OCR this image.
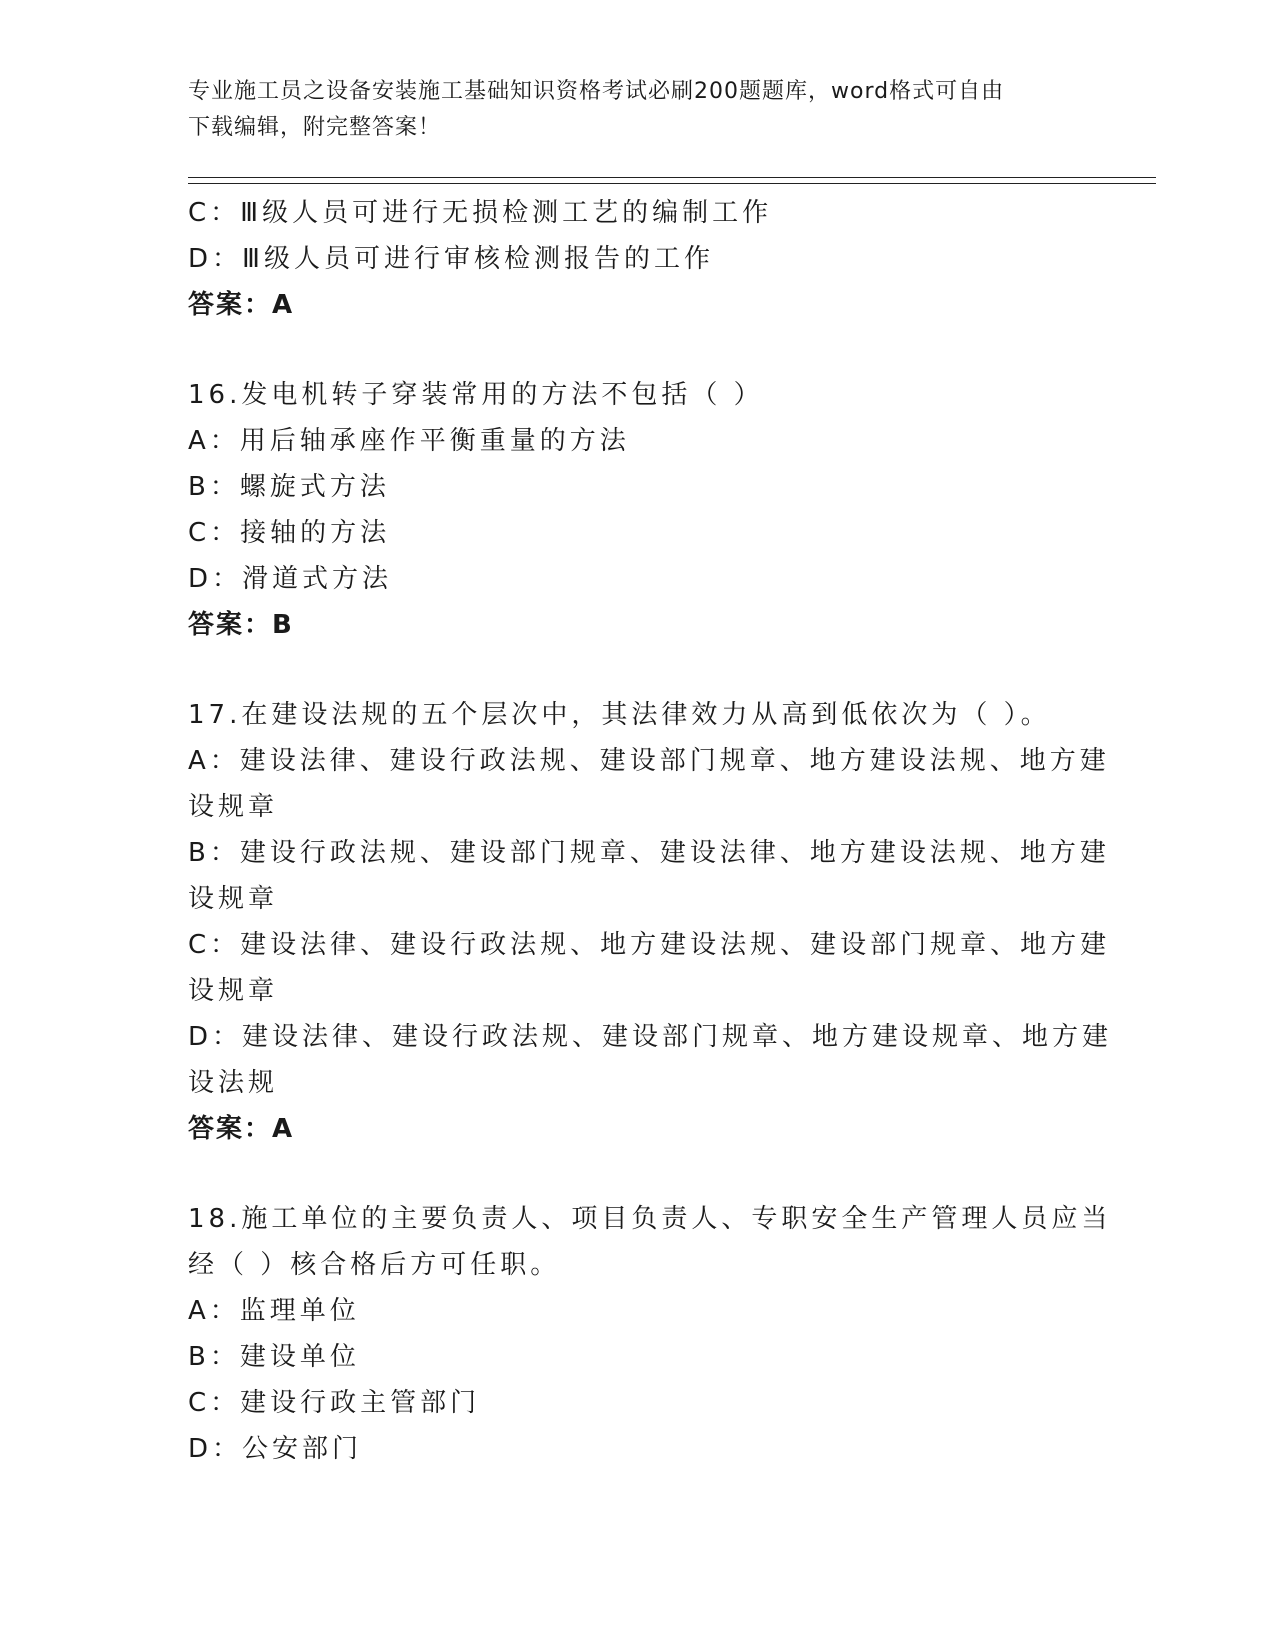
专业施工员之设备安装施工基础知识资格考试必刷200题题库，word格式可自由
下载编辑，附完整答案！
C：Ⅲ级人员可进行无损检测工艺的编制工作
D：Ⅲ级人员可进行审核检测报告的工作
答案：A
16.发电机转子穿装常用的方法不包括（ ）
A：用后轴承座作平衡重量的方法
B：螺旋式方法
C：接轴的方法
D：滑道式方法
答案：B
17.在建设法规的五个层次中，其法律效力从高到低依次为（ ）。
A：建设法律、建设行政法规、建设部门规章、地方建设法规、地方建
设规章
B：建设行政法规、建设部门规章、建设法律、地方建设法规、地方建
设规章
C：建设法律、建设行政法规、地方建设法规、建设部门规章、地方建
设规章
D：建设法律、建设行政法规、建设部门规章、地方建设规章、地方建
设法规
答案：A
18.施工单位的主要负责人、项目负责人、专职安全生产管理人员应当
经（ ）核合格后方可任职。
A：监理单位
B：建设单位
C：建设行政主管部门
D：公安部门
